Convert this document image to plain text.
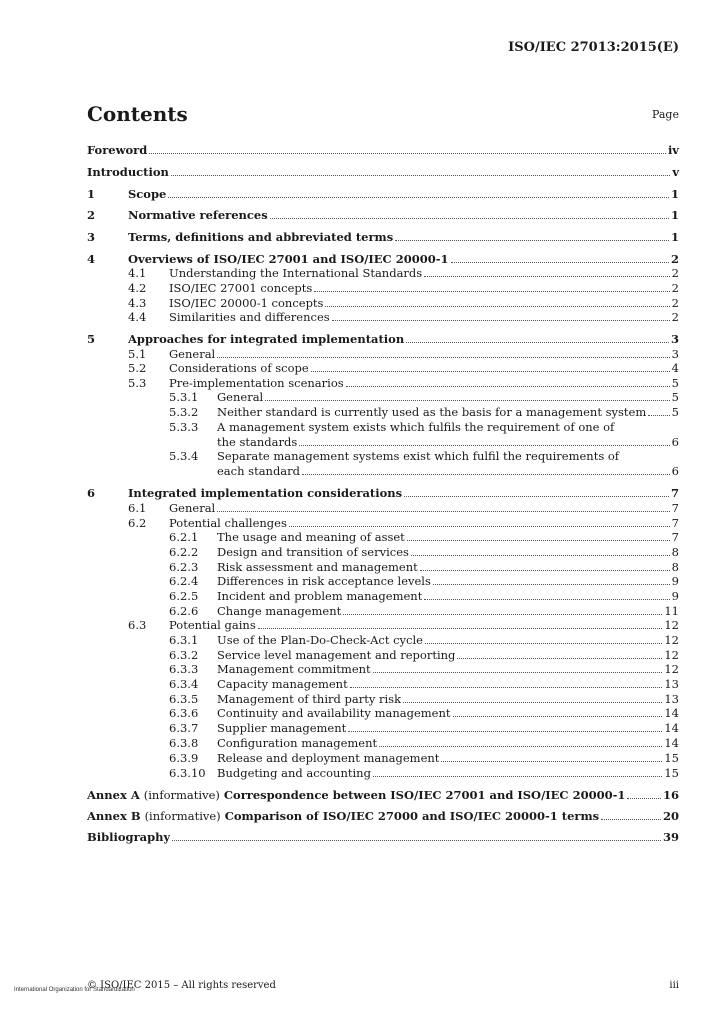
ISO/IEC 27013:2015(E)
Contents	Page
Foreword	iv
Introduction	v
1	Scope	1
2	Normative references	1
3	Terms, definitions and abbreviated terms	1
4	Overviews of ISO/IEC 27001 and ISO/IEC 20000-1	2
4.1	Understanding the International Standards	2
4.2	ISO/IEC 27001 concepts	2
4.3	ISO/IEC 20000-1 concepts	2
4.4	Similarities and differences	2
5	Approaches for integrated implementation	3
5.1	General	3
5.2	Considerations of scope	4
5.3	Pre-implementation scenarios	5
5.3.1	General	5
5.3.2	Neither standard is currently used as the basis for a management system 5
5.3.3	A management system exists which fulfils the requirement of one of
the standards	6
5.3.4	Separate management systems exist which fulfil the requirements of
each standard	6
6	Integrated implementation considerations	7
6.1	General	7
6.2	Potential challenges	7
6.2.1	The usage and meaning of asset	7
6.2.2	Design and transition of services	8
6.2.3	Risk assessment and management	8
6.2.4	Differences in risk acceptance levels	9
6.2.5	Incident and problem management	9
6.2.6	Change management	11
6.3	Potential gains	12
6.3.1	Use of the Plan-Do-Check-Act cycle	12
6.3.2	Service level management and reporting	12
6.3.3	Management commitment	12
6.3.4	Capacity management	13
6.3.5	Management of third party risk	13
6.3.6	Continuity and availability management	14
6.3.7	Supplier management	14
6.3.8	Configuration management	14
6.3.9	Release and deployment management	15
6.3.10 Budgeting and accounting	15
Annex A (informative) Correspondence between ISO/IEC 27001 and ISO/IEC 20000-1	16
Annex B (informative) Comparison of ISO/IEC 27000 and ISO/IEC 20000-1 terms	20
Bibliography	39
© ISO/IEC 2015 – All rights reserved	iii
International Organization for Standardization
